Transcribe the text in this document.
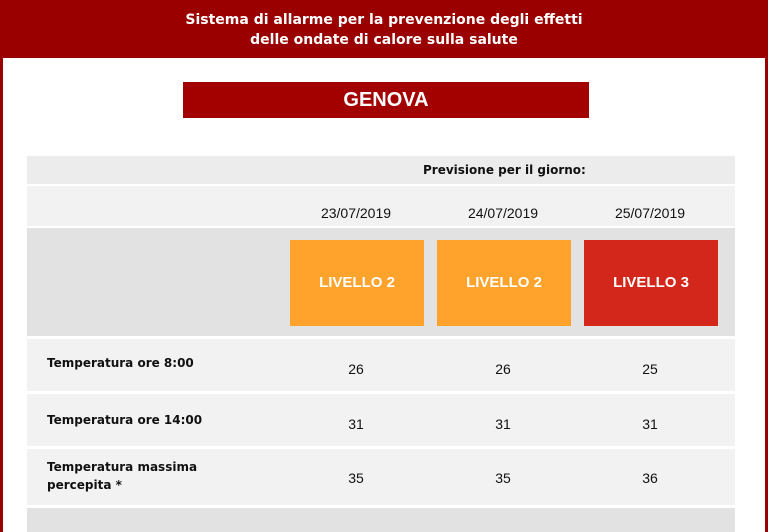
Sistema di allarme per la prevenzione degli effetti
delle ondate di calore sulla salute
GENOVA
Previsione per il giorno:
23/07/2019	24/07/2019	25/07/2019
LIVELLO 2	LIVELLO 2	LIVELLO 3
Temperatura ore 8:00	26	26	25
Temperatura ore 14:00	31	31	31
Temperatura massima
percepita *	35	35	36
